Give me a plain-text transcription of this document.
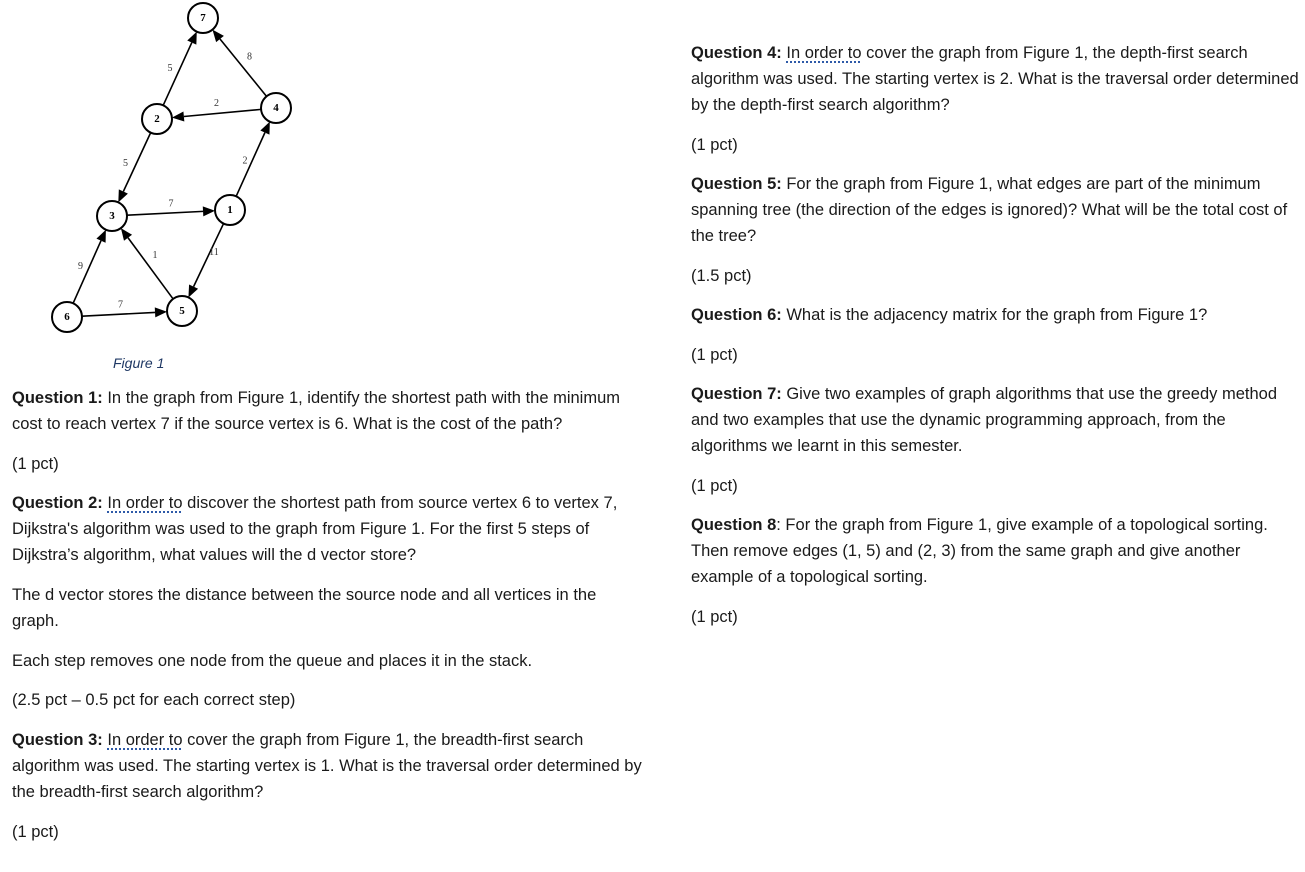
5
8
2
2
5
7
9
1	11
7
7
2
4
3	1
6	5
Figure 1

Question 1: In the graph from Figure 1, identify the shortest path with the minimum cost to reach vertex 7 if the source vertex is 6. What is the cost of the path?

(1 pct)

Question 2: In order to discover the shortest path from source vertex 6 to vertex 7, Dijkstra's algorithm was used to the graph from Figure 1. For the first 5 steps of Dijkstra’s algorithm, what values will the d vector store?

The d vector stores the distance between the source node and all vertices in the graph.

Each step removes one node from the queue and places it in the stack.

(2.5 pct – 0.5 pct for each correct step)

Question 3: In order to cover the graph from Figure 1, the breadth-first search algorithm was used. The starting vertex is 1. What is the traversal order determined by the breadth-first search algorithm?

(1 pct)

Question 4: In order to cover the graph from Figure 1, the depth-first search algorithm was used. The starting vertex is 2. What is the traversal order determined by the depth-first search algorithm?

(1 pct)

Question 5: For the graph from Figure 1, what edges are part of the minimum spanning tree (the direction of the edges is ignored)? What will be the total cost of the tree?

(1.5 pct)

Question 6: What is the adjacency matrix for the graph from Figure 1?

(1 pct)

Question 7: Give two examples of graph algorithms that use the greedy method and two examples that use the dynamic programming approach, from the algorithms we learnt in this semester.

(1 pct)

Question 8: For the graph from Figure 1, give example of a topological sorting. Then remove edges (1, 5) and (2, 3) from the same graph and give another example of a topological sorting.

(1 pct)
